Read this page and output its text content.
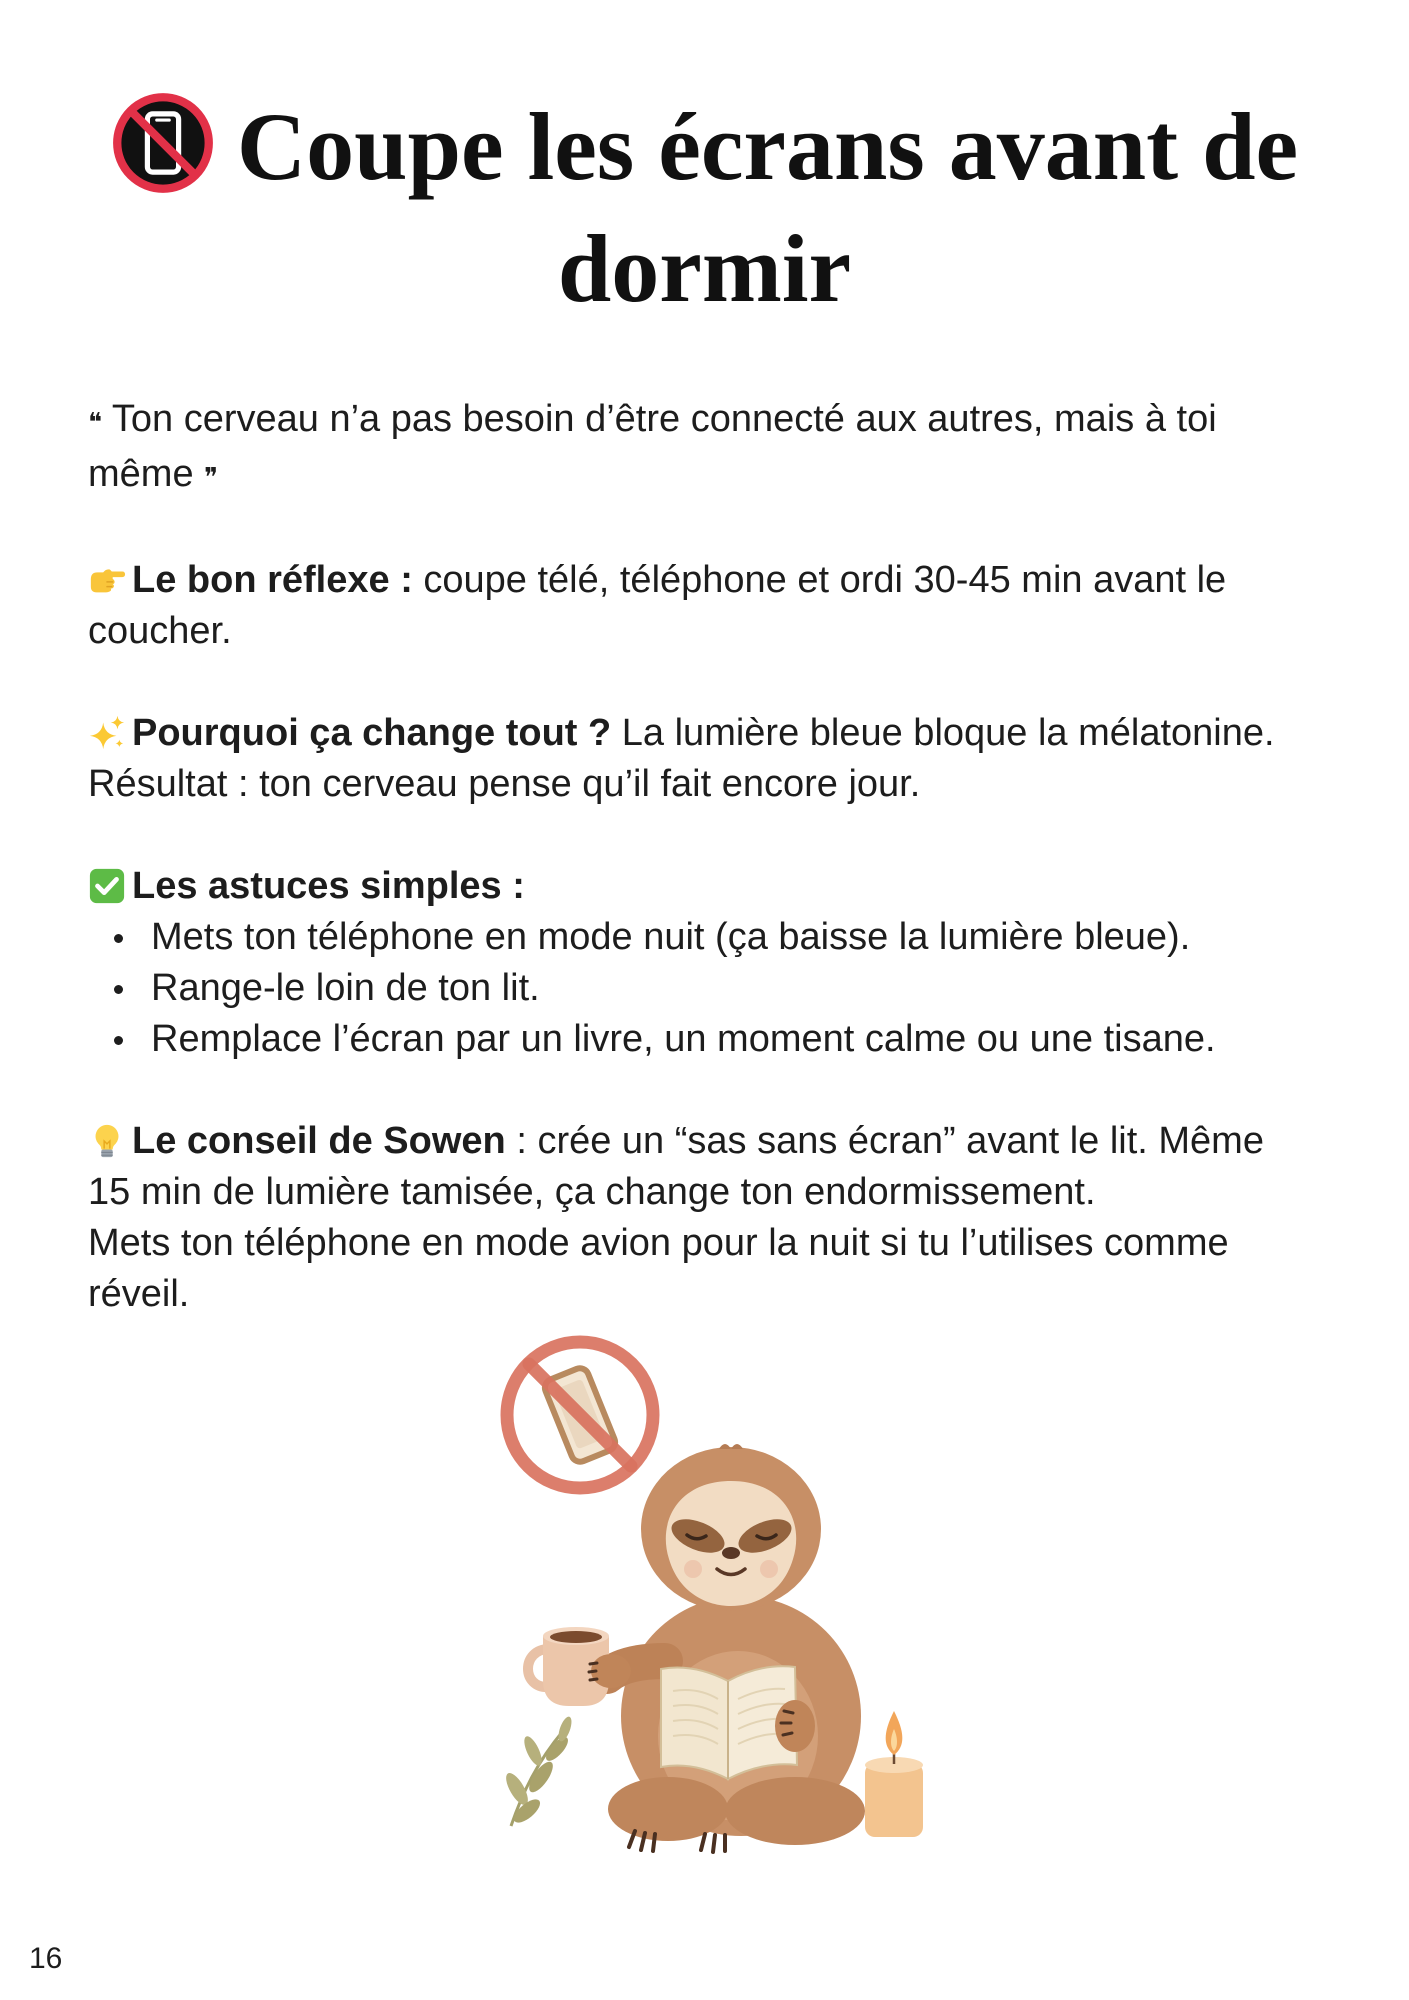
Coupe les écrans avant de dormir

❝ Ton cerveau n’a pas besoin d’être connecté aux autres, mais à toi même ❞

Le bon réflexe : coupe télé, téléphone et ordi 30-45 min avant le coucher.

Pourquoi ça change tout ? La lumière bleue bloque la mélatonine.
Résultat : ton cerveau pense qu’il fait encore jour.

Les astuces simples :
Mets ton téléphone en mode nuit (ça baisse la lumière bleue).
Range-le loin de ton lit.
Remplace l’écran par un livre, un moment calme ou une tisane.

Le conseil de Sowen : crée un “sas sans écran” avant le lit. Même 15 min de lumière tamisée, ça change ton endormissement.
Mets ton téléphone en mode avion pour la nuit si tu l’utilises comme réveil.

16
